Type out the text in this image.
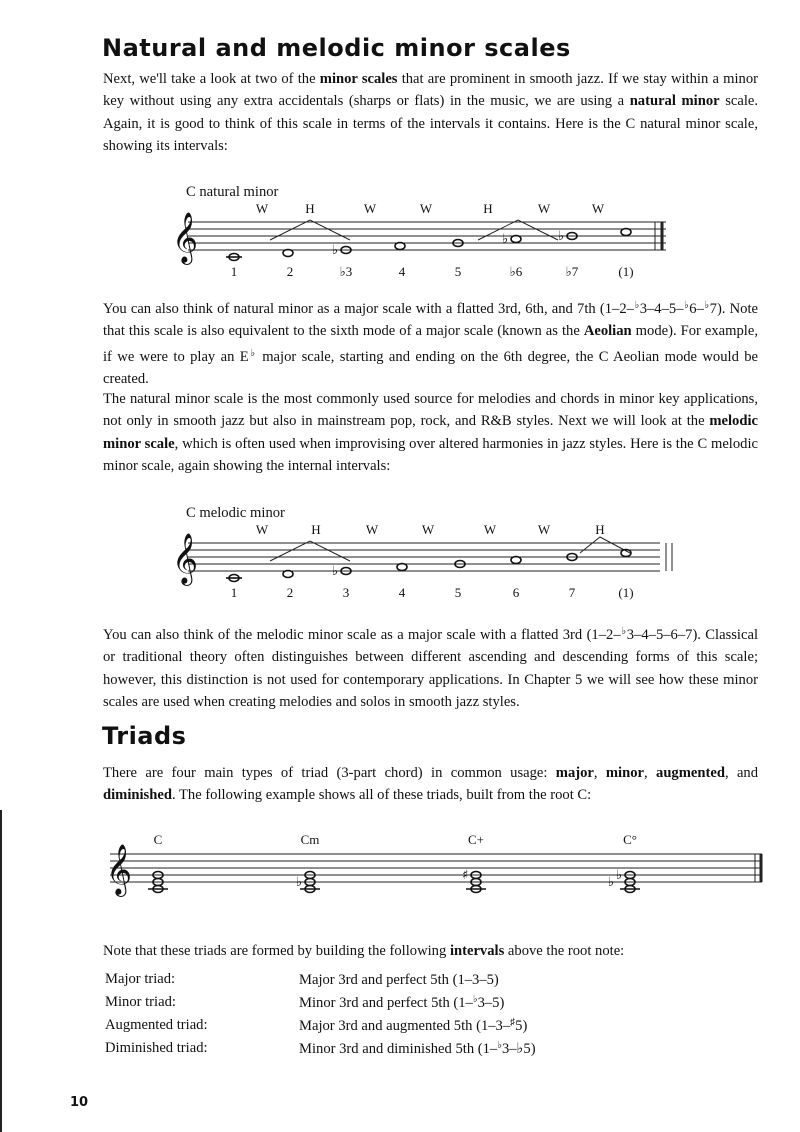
Natural and melodic minor scales

Next, we'll take a look at two of the minor scales that are prominent in smooth jazz. If we stay within a minor key without using any extra accidentals (sharps or flats) in the music, we are using a natural minor scale. Again, it is good to think of this scale in terms of the intervals it contains. Here is the C natural minor scale, showing its intervals:

C natural minor
𝄞
W	H	W	W	H	W	W
♭
♭	♭
1	2	♭3	4	5	♭6	♭7	(1)

You can also think of natural minor as a major scale with a flatted 3rd, 6th, and 7th (1–2–♭3–4–5–♭6–♭7). Note that this scale is also equivalent to the sixth mode of a major scale (known as the Aeolian mode). For example, if we were to play an E♭ major scale, starting and ending on the 6th degree, the C Aeolian mode would be created.

The natural minor scale is the most commonly used source for melodies and chords in minor key applications, not only in smooth jazz but also in mainstream pop, rock, and R&B styles. Next we will look at the melodic minor scale, which is often used when improvising over altered harmonies in jazz styles. Here is the C melodic minor scale, again showing the internal intervals:

C melodic minor
𝄞
W	H	W	W	W	W	H
♭
1	2	3	4	5	6	7	(1)

You can also think of the melodic minor scale as a major scale with a flatted 3rd (1–2–♭3–4–5–6–7). Classical or traditional theory often distinguishes between different ascending and descending forms of this scale; however, this distinction is not used for contemporary applications. In Chapter 5 we will see how these minor scales are used when creating melodies and solos in smooth jazz styles.

Triads

There are four main types of triad (3-part chord) in common usage: major, minor, augmented, and diminished. The following example shows all of these triads, built from the root C:

C	Cm	C+	C°
𝄞	♭	♯	♭ ♭

Note that these triads are formed by building the following intervals above the root note:

Major triad:	Major 3rd and perfect 5th (1–3–5)
Minor triad:	Minor 3rd and perfect 5th (1–♭3–5)
Augmented triad:	Major 3rd and augmented 5th (1–3–♯5)
Diminished triad:	Minor 3rd and diminished 5th (1–♭3–♭5)
10
